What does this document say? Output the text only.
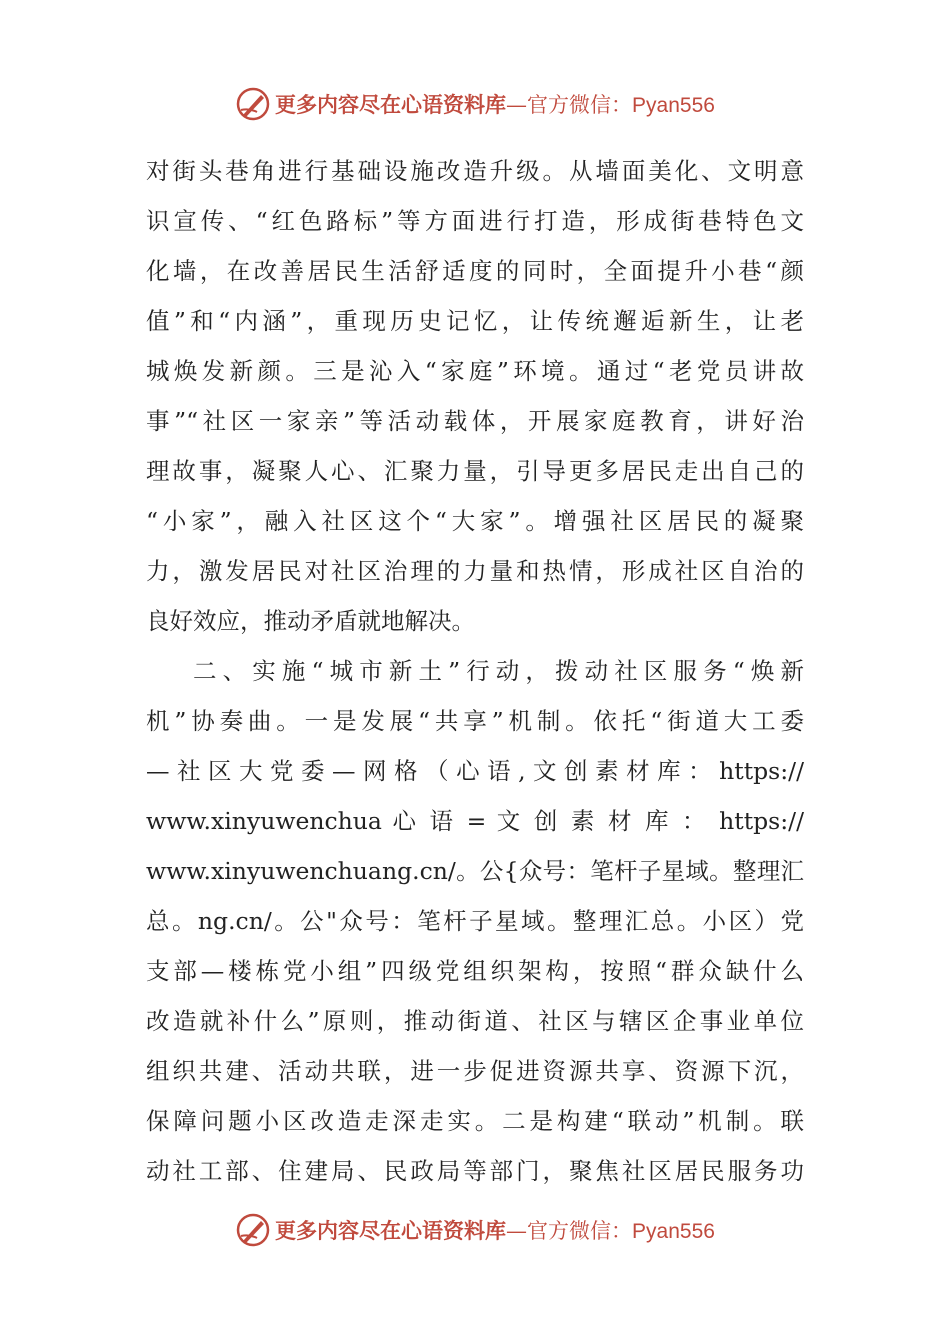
更多内容尽在心语资料库—官方微信：Pyan556
对街头巷角进行基础设施改造升级。从墙面美化、文明意
识宣传、“红色路标”等方面进行打造，形成街巷特色文
化墙，在改善居民生活舒适度的同时，全面提升小巷“颜
值”和“内涵”，重现历史记忆，让传统邂逅新生，让老
城焕发新颜。三是沁入“家庭”环境。通过“老党员讲故
事”“社区一家亲”等活动载体，开展家庭教育，讲好治
理故事，凝聚人心、汇聚力量，引导更多居民走出自己的
“小家”，融入社区这个“大家”。增强社区居民的凝聚
力，激发居民对社区治理的力量和热情，形成社区自治的
良好效应，推动矛盾就地解决。
二、实施“城市新土”行动，拨动社区服务“焕新
机”协奏曲。一是发展“共享”机制。依托“街道大工委
— 社 区 大 党 委 — 网 格 （ 心 语 , 文 创 素 材 库 ： https://
www.xinyuwenchua 心 语 = 文 创 素 材 库 ： https://
www.xinyuwenchuang.cn/。公{众号：笔杆子星域。整理汇
总。ng.cn/。公"众号：笔杆子星域。整理汇总。小区）党
支部—楼栋党小组”四级党组织架构，按照“群众缺什么
改造就补什么”原则，推动街道、社区与辖区企事业单位
组织共建、活动共联，进一步促进资源共享、资源下沉，
保障问题小区改造走深走实。二是构建“联动”机制。联
动社工部、住建局、民政局等部门，聚焦社区居民服务功
更多内容尽在心语资料库—官方微信：Pyan556
